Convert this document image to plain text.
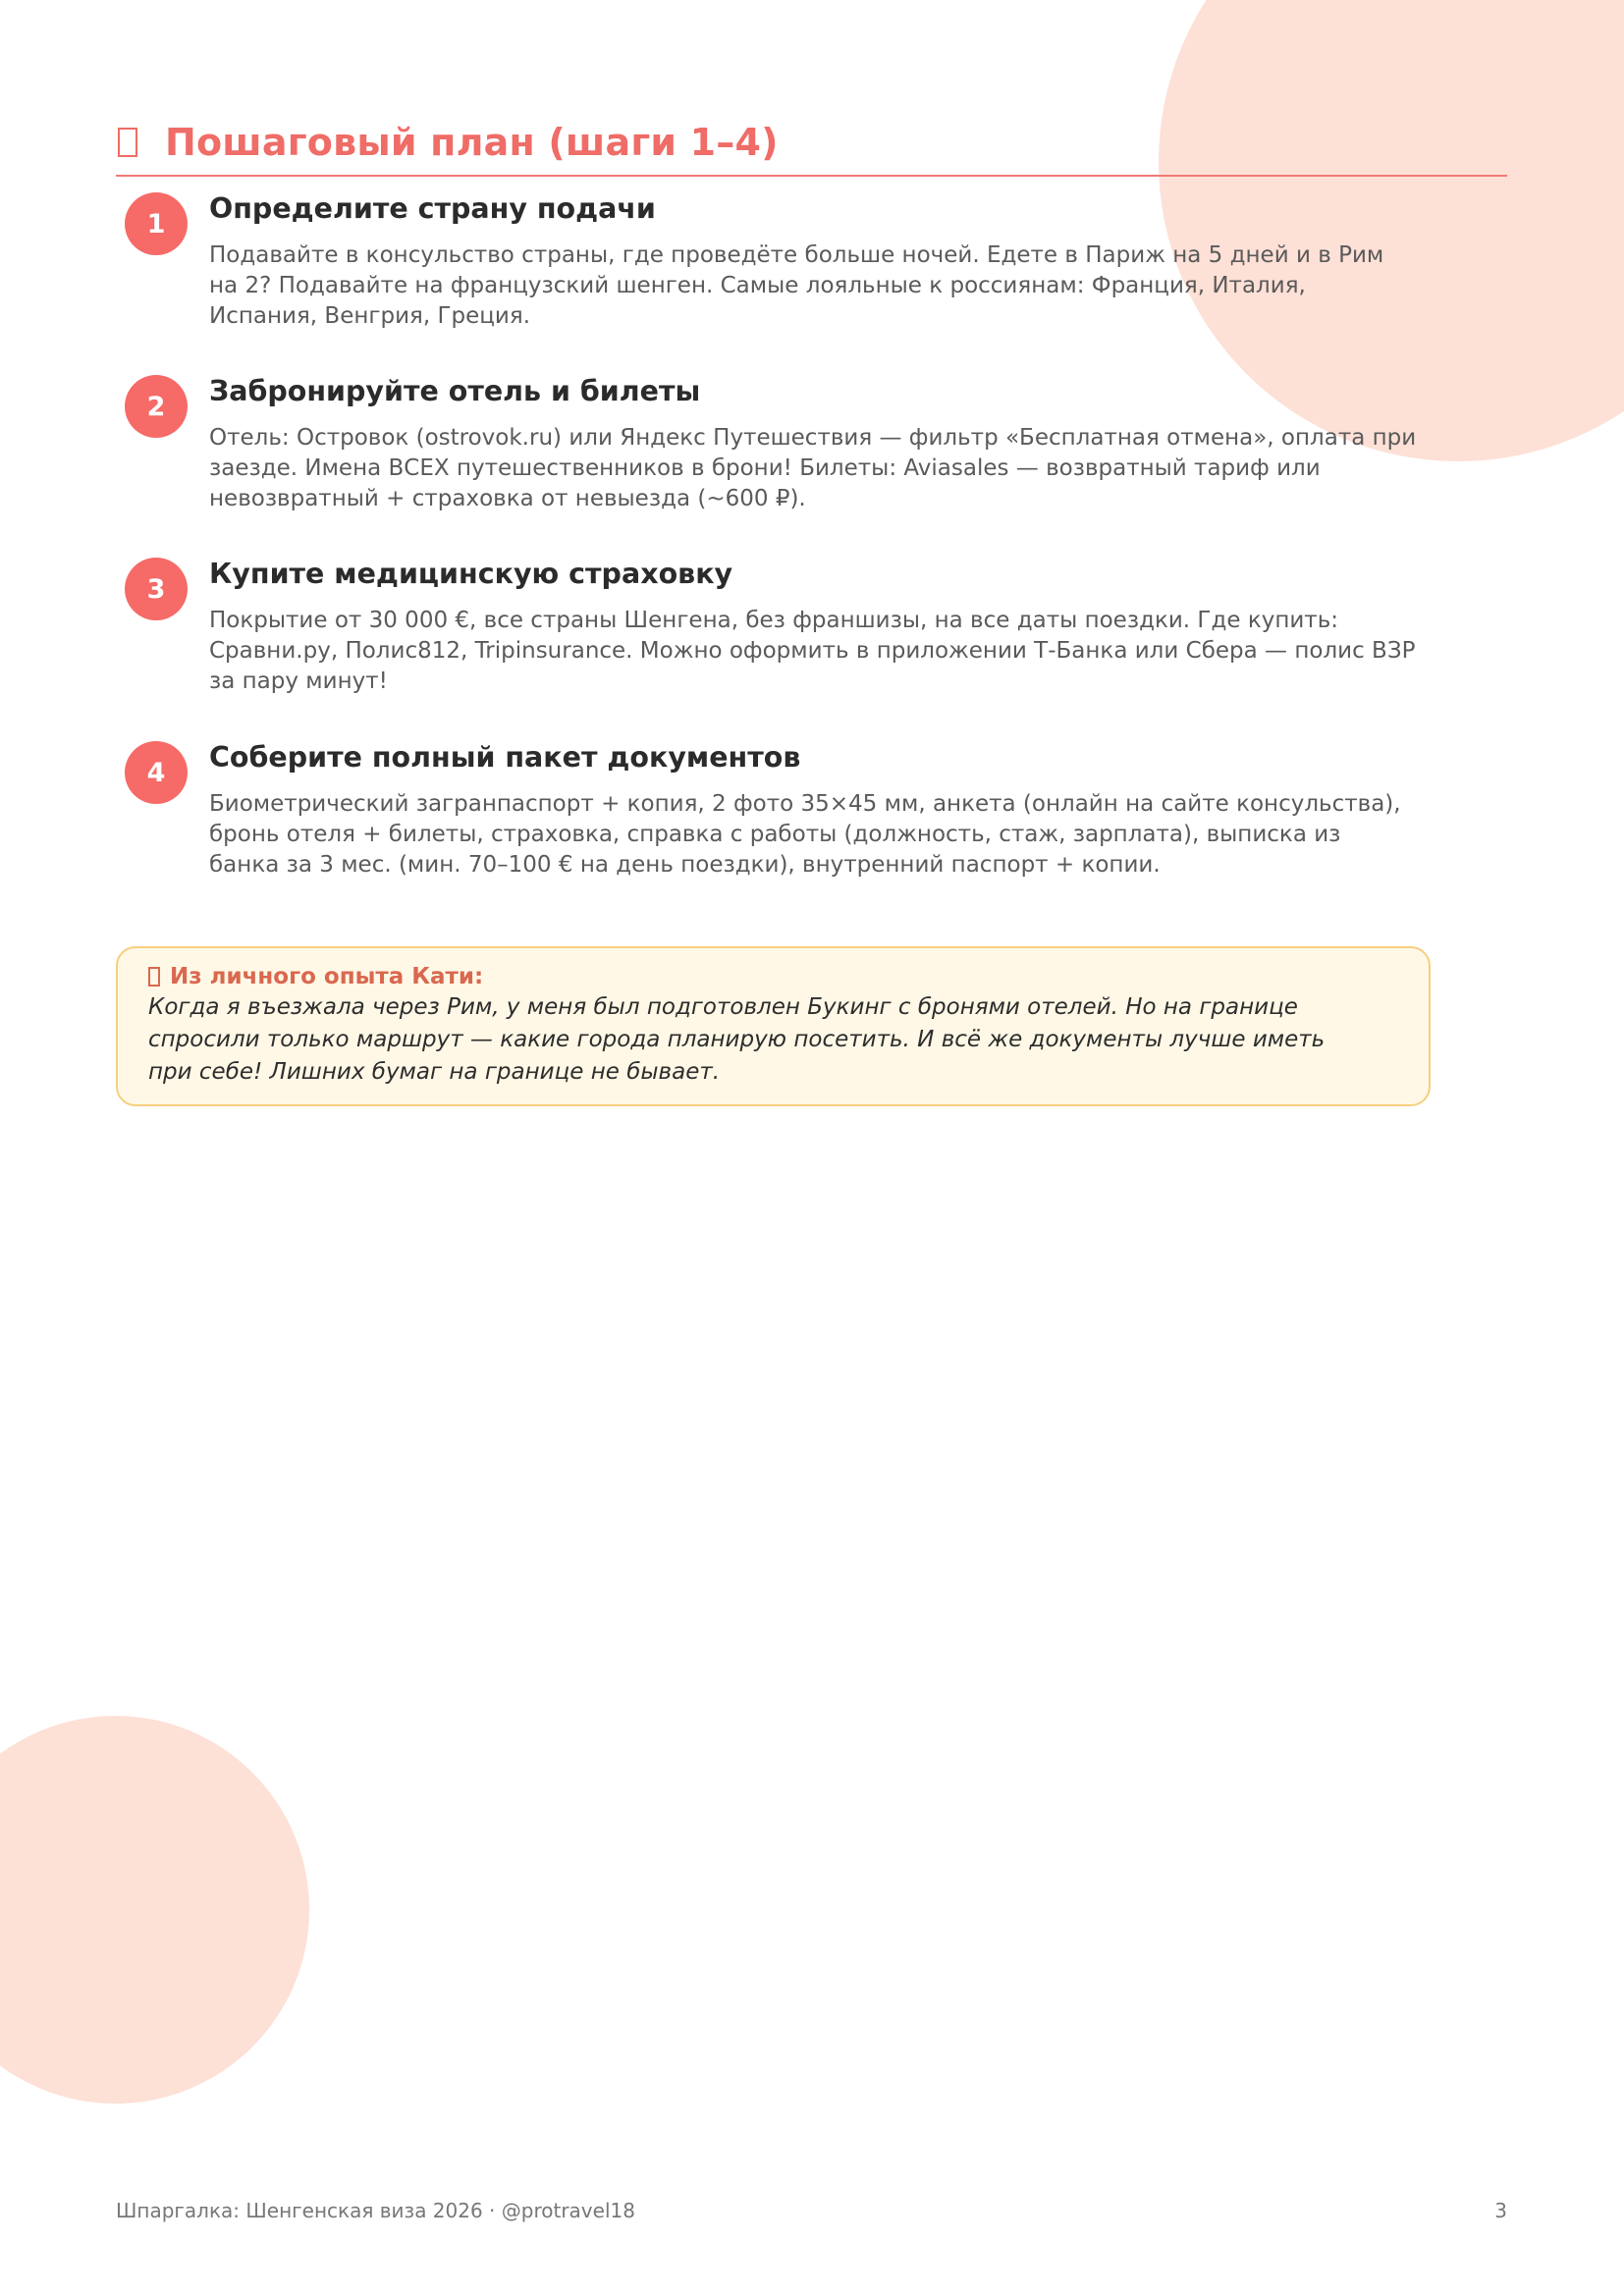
Пошаговый план (шаги 1–4)
1	Определите страну подачи
Подавайте в консульство страны, где проведёте больше ночей. Едете в Париж на 5 дней и в Рим на 2? Подавайте на французский шенген. Самые лояльные к россиянам: Франция, Италия, Испания, Венгрия, Греция.
2	Забронируйте отель и билеты
Отель: Островок (ostrovok.ru) или Яндекс Путешествия — фильтр «Бесплатная отмена», оплата при заезде. Имена ВСЕХ путешественников в брони! Билеты: Aviasales — возвратный тариф или невозвратный + страховка от невыезда (~600 ₽).
3	Купите медицинскую страховку
Покрытие от 30 000 €, все страны Шенгена, без франшизы, на все даты поездки. Где купить: Сравни.ру, Полис812, Tripinsurance. Можно оформить в приложении Т-Банка или Сбера — полис ВЗР за пару минут!
4	Соберите полный пакет документов
Биометрический загранпаспорт + копия, 2 фото 35×45 мм, анкета (онлайн на сайте консульства), бронь отеля + билеты, страховка, справка с работы (должность, стаж, зарплата), выписка из банка за 3 мес. (мин. 70–100 € на день поездки), внутренний паспорт + копии.
Из личного опыта Кати:
Когда я въезжала через Рим, у меня был подготовлен Букинг с бронями отелей. Но на границе спросили только маршрут — какие города планирую посетить. И всё же документы лучше иметь при себе! Лишних бумаг на границе не бывает.
Шпаргалка: Шенгенская виза 2026 · @protravel18	3
